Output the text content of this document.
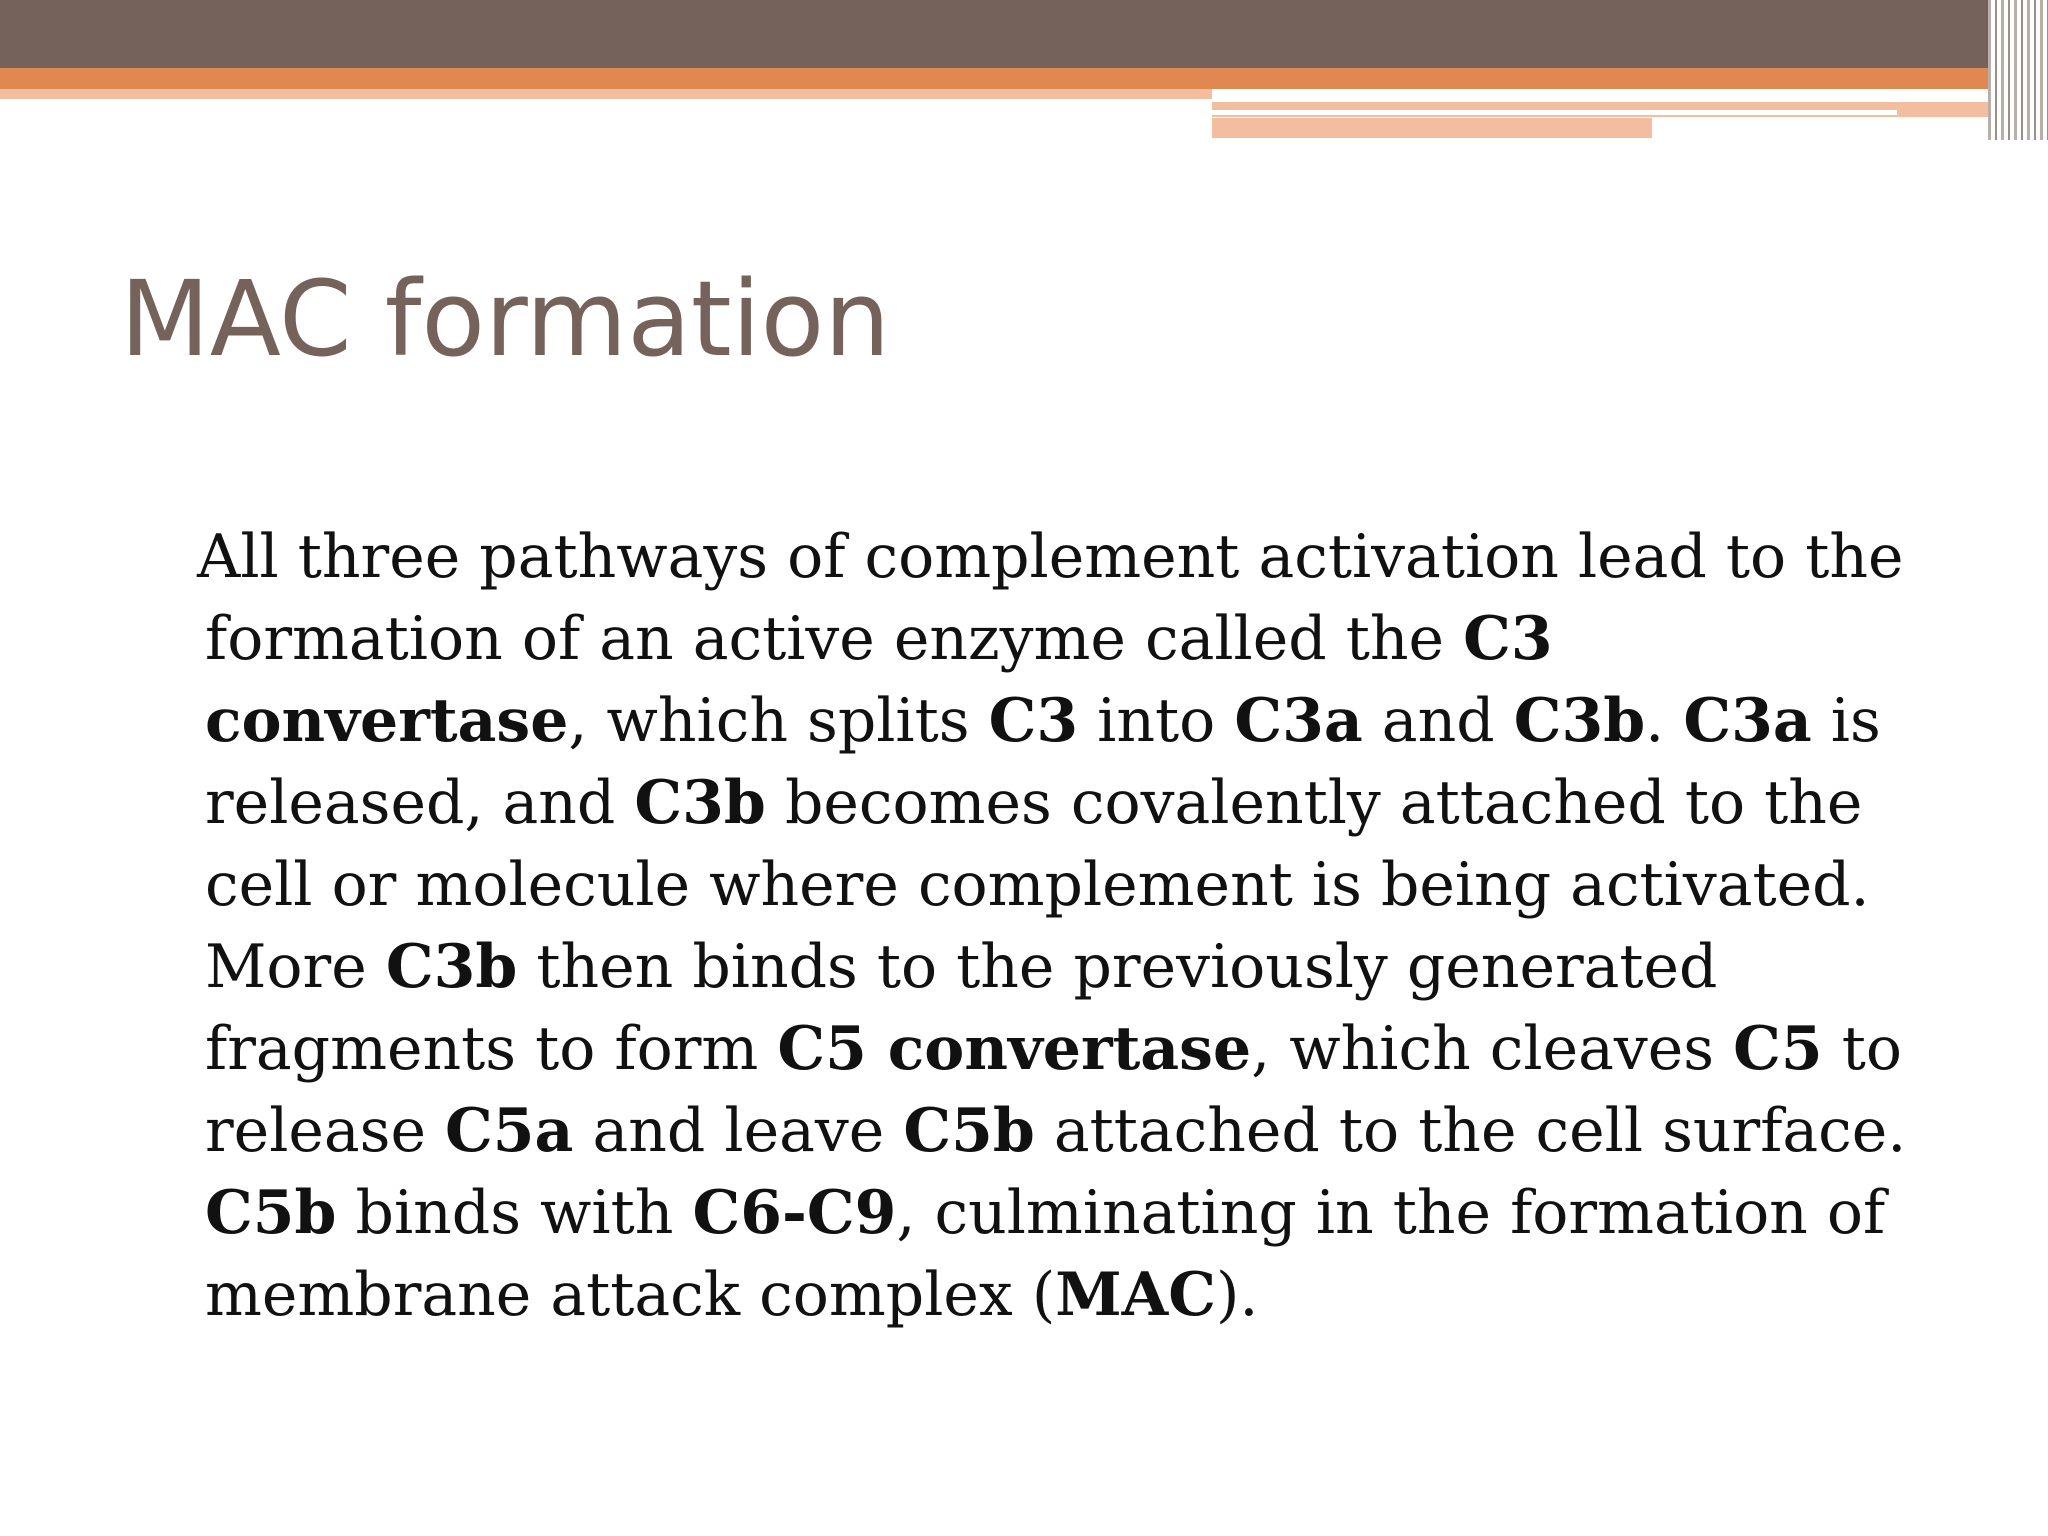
MAC formation

All three pathways of complement activation lead to the formation of an active enzyme called the C3 convertase, which splits C3 into C3a and C3b. C3a is released, and C3b becomes covalently attached to the cell or molecule where complement is being activated. More C3b then binds to the previously generated fragments to form C5 convertase, which cleaves C5 to release C5a and leave C5b attached to the cell surface. C5b binds with C6-C9, culminating in the formation of membrane attack complex (MAC).
